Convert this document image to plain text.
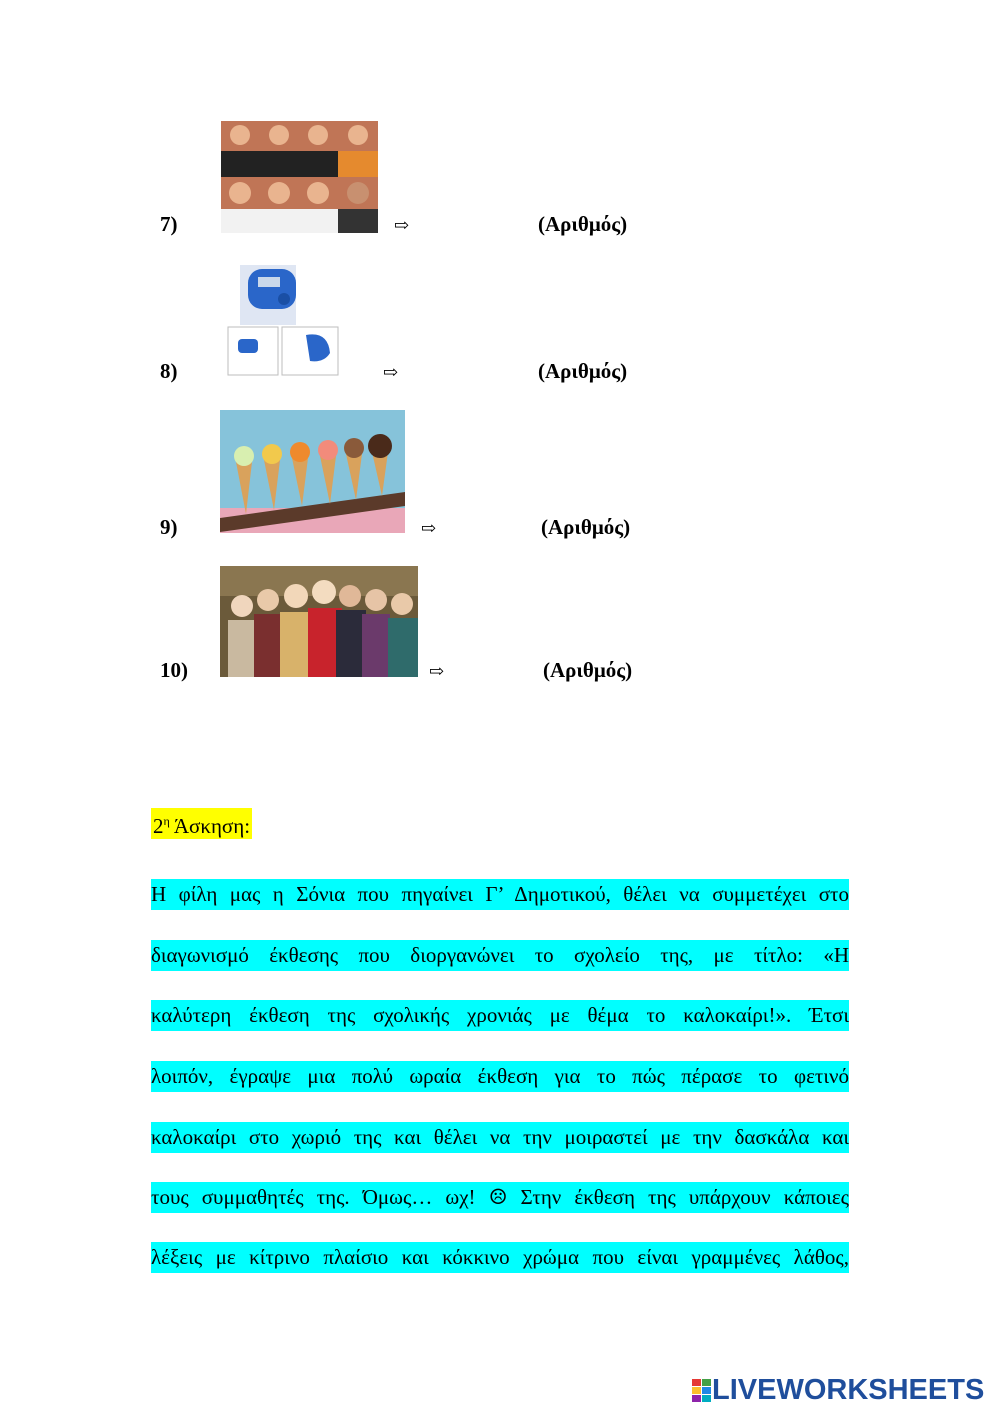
7)	⇨	(Αριθμός)
8)	⇨	(Αριθμός)
9)	⇨	(Αριθμός)
10)	⇨	(Αριθμός)
$2^\eta$ Άσκηση:
Η φίλη μας η Σόνια που πηγαίνει Γ’ Δημοτικού, θέλει να συμμετέχει στο
διαγωνισμό έκθεσης που διοργανώνει το σχολείο της, με τίτλο: «Η
καλύτερη έκθεση της σχολικής χρονιάς με θέμα το καλοκαίρι!». Έτσι
λοιπόν, έγραψε μια πολύ ωραία έκθεση για το πώς πέρασε το φετινό
καλοκαίρι στο χωριό της και θέλει να την μοιραστεί με την δασκάλα και
τους συμμαθητές της. Όμως… ωχ! ☹ Στην έκθεση της υπάρχουν κάποιες
λέξεις με κίτρινο πλαίσιο και κόκκινο χρώμα που είναι γραμμένες λάθος,
LIVEWORKSHEETS
